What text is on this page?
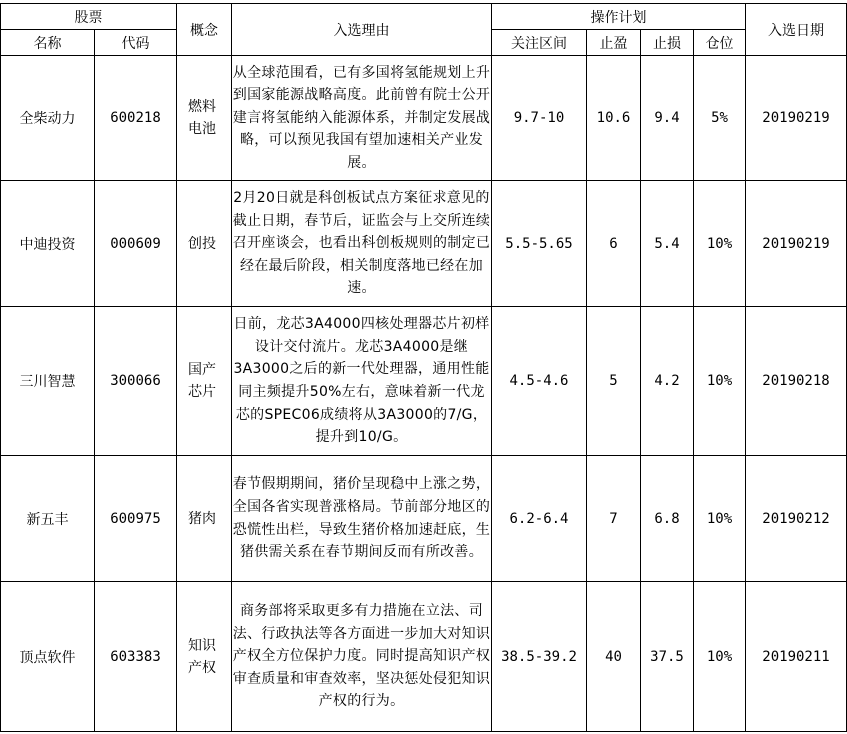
股票		概念	入选理由	操作计划				入选日期
名称	代码			关注区间	止盈	止损	仓位	
全柴动力	600218	燃料电池	从全球范围看，已有多国将氢能规划上升到国家能源战略高度。此前曾有院士公开建言将氢能纳入能源体系，并制定发展战略，可以预见我国有望加速相关产业发展。	9.7-10	10.6	9.4	5%	20190219
中迪投资	000609	创投	2月20日就是科创板试点方案征求意见的截止日期，春节后，证监会与上交所连续召开座谈会，也看出科创板规则的制定已经在最后阶段，相关制度落地已经在加速。	5.5-5.65	6	5.4	10%	20190219
三川智慧	300066	国产芯片	日前，龙芯3A4000四核处理器芯片初样设计交付流片。龙芯3A4000是继3A3000之后的新一代处理器，通用性能同主频提升50%左右，意味着新一代龙芯的SPEC06成绩将从3A3000的7/G，提升到10/G。	4.5-4.6	5	4.2	10%	20190218
新五丰	600975	猪肉	春节假期期间，猪价呈现稳中上涨之势，全国各省实现普涨格局。节前部分地区的恐慌性出栏，导致生猪价格加速赶底，生猪供需关系在春节期间反而有所改善。	6.2-6.4	7	6.8	10%	20190212
顶点软件	603383	知识产权	商务部将采取更多有力措施在立法、司法、行政执法等各方面进一步加大对知识产权全方位保护力度。同时提高知识产权审查质量和审查效率，坚决惩处侵犯知识产权的行为。	38.5-39.2	40	37.5	10%	20190211
